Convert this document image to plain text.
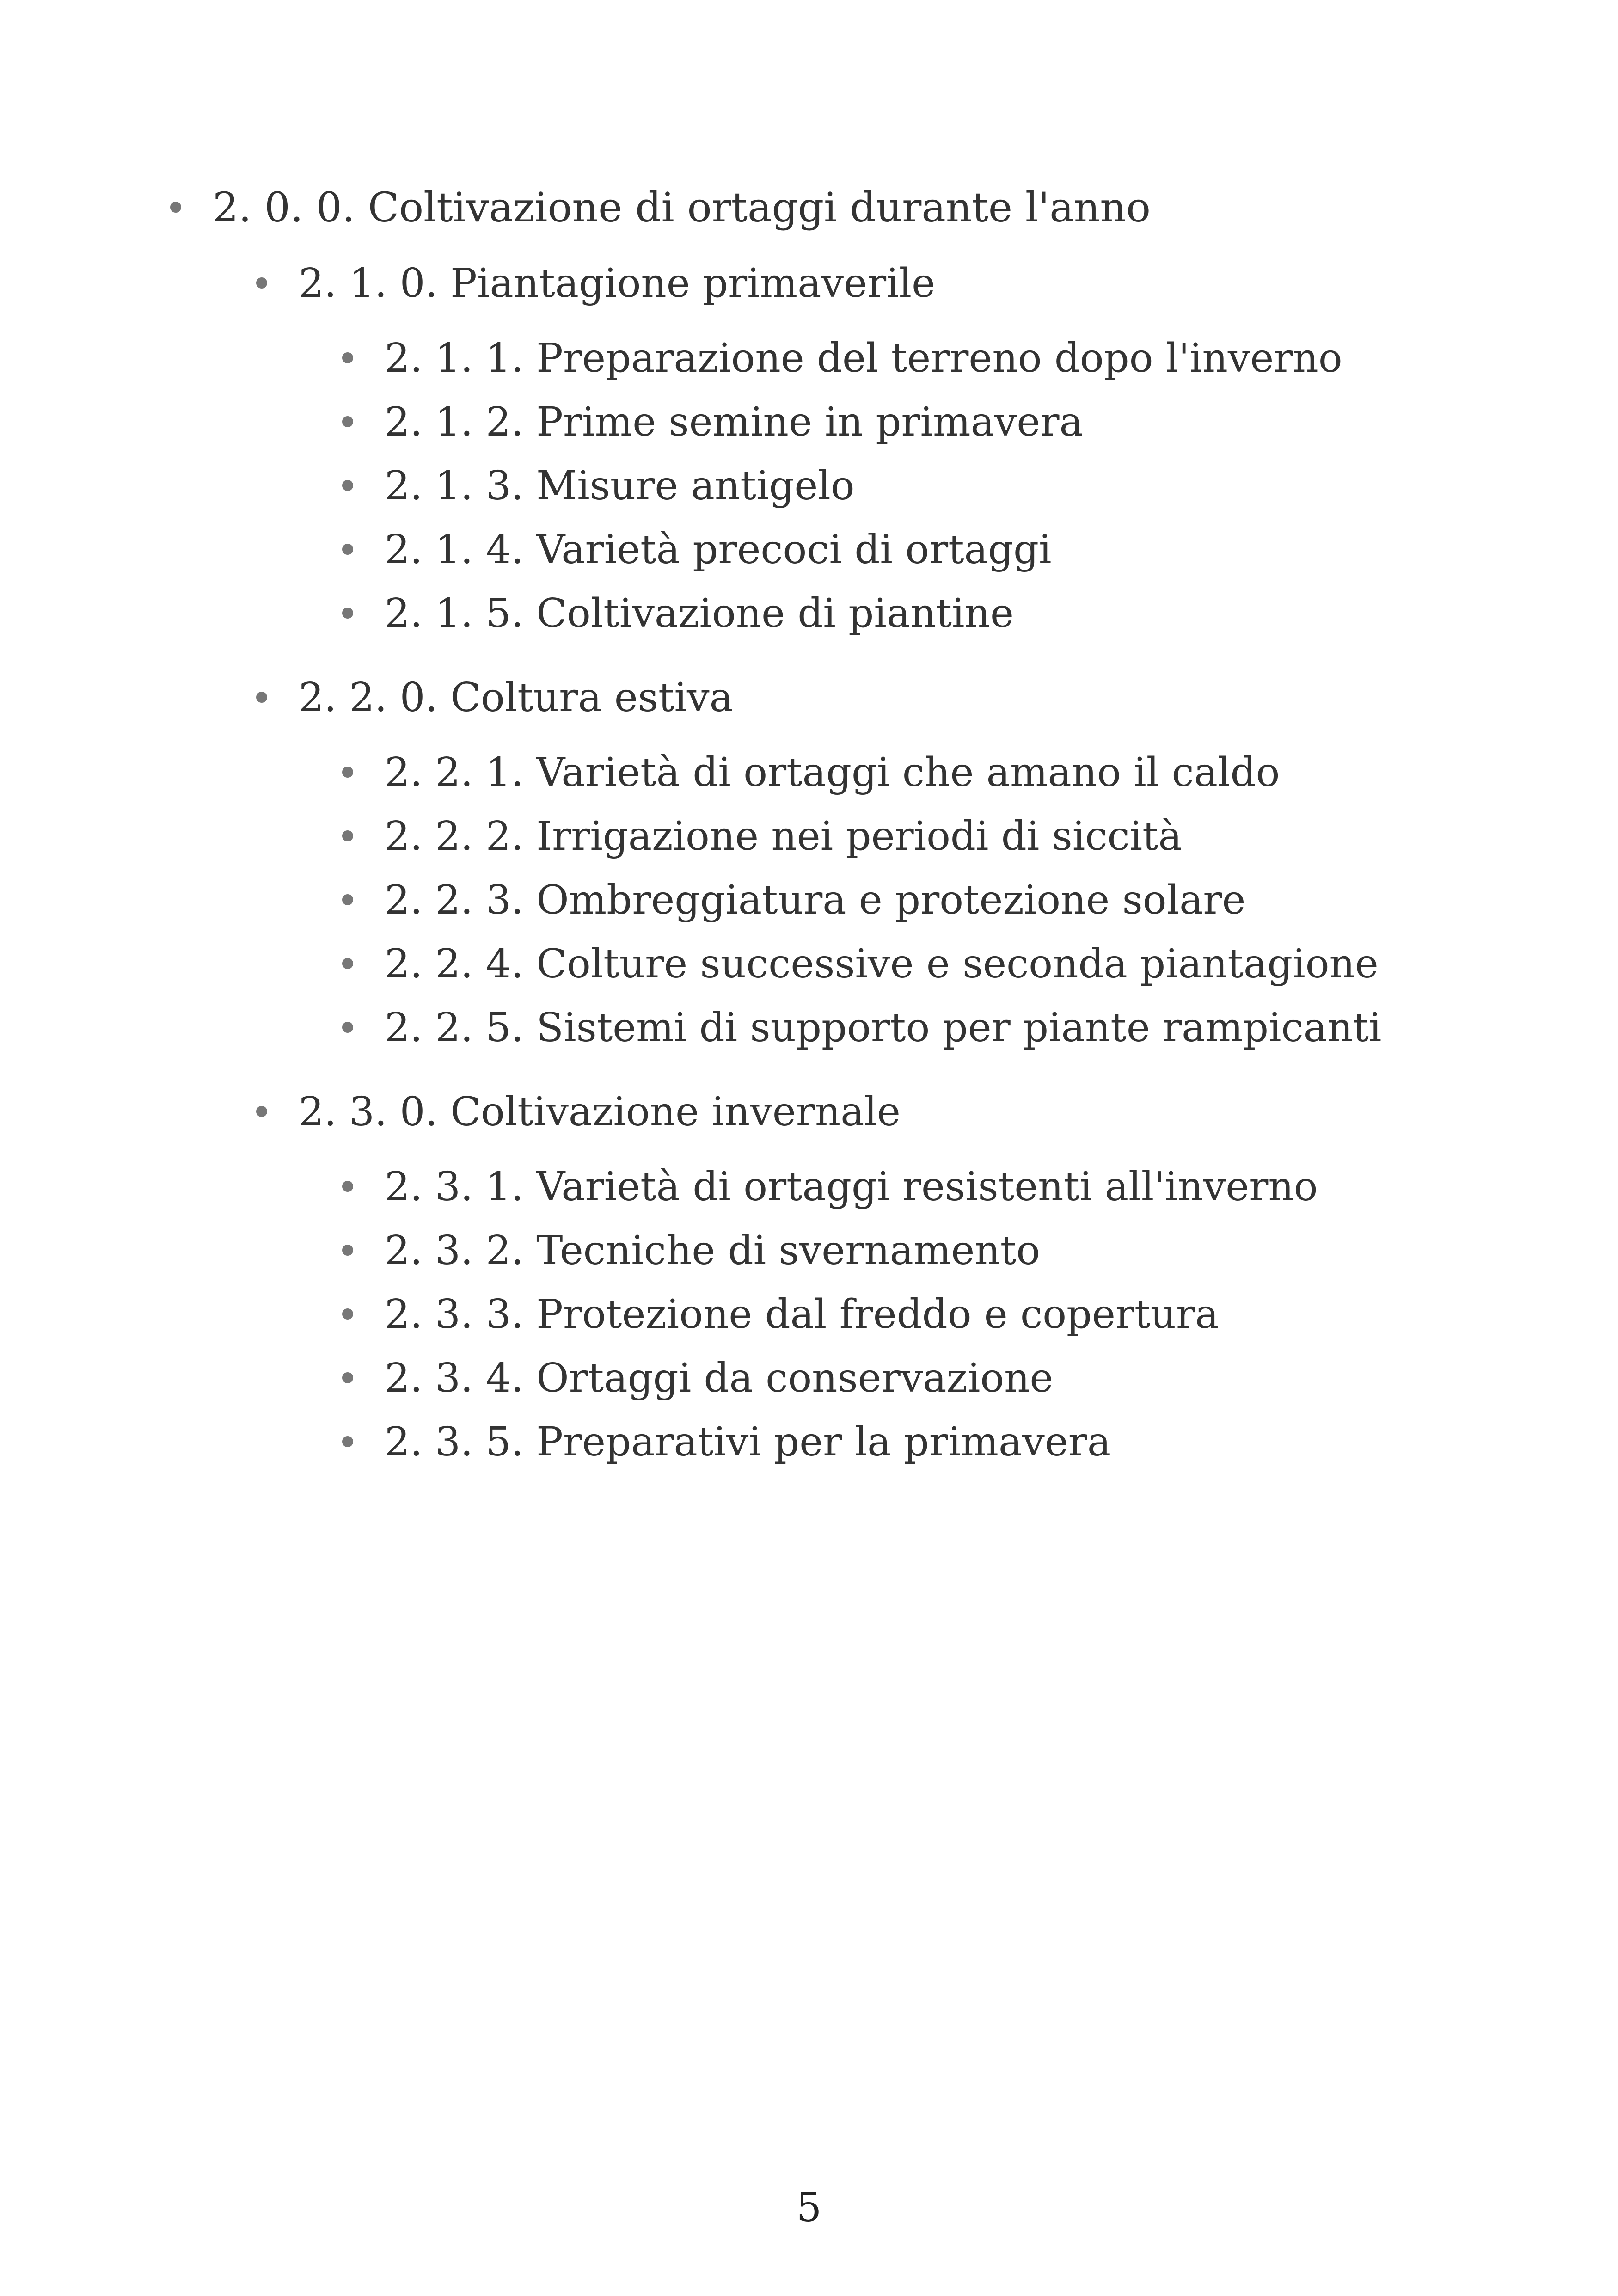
2. 0. 0. Coltivazione di ortaggi durante l'anno
2. 1. 0. Piantagione primaverile
2. 1. 1. Preparazione del terreno dopo l'inverno
2. 1. 2. Prime semine in primavera
2. 1. 3. Misure antigelo
2. 1. 4. Varietà precoci di ortaggi
2. 1. 5. Coltivazione di piantine
2. 2. 0. Coltura estiva
2. 2. 1. Varietà di ortaggi che amano il caldo
2. 2. 2. Irrigazione nei periodi di siccità
2. 2. 3. Ombreggiatura e protezione solare
2. 2. 4. Colture successive e seconda piantagione
2. 2. 5. Sistemi di supporto per piante rampicanti
2. 3. 0. Coltivazione invernale
2. 3. 1. Varietà di ortaggi resistenti all'inverno
2. 3. 2. Tecniche di svernamento
2. 3. 3. Protezione dal freddo e copertura
2. 3. 4. Ortaggi da conservazione
2. 3. 5. Preparativi per la primavera
5
